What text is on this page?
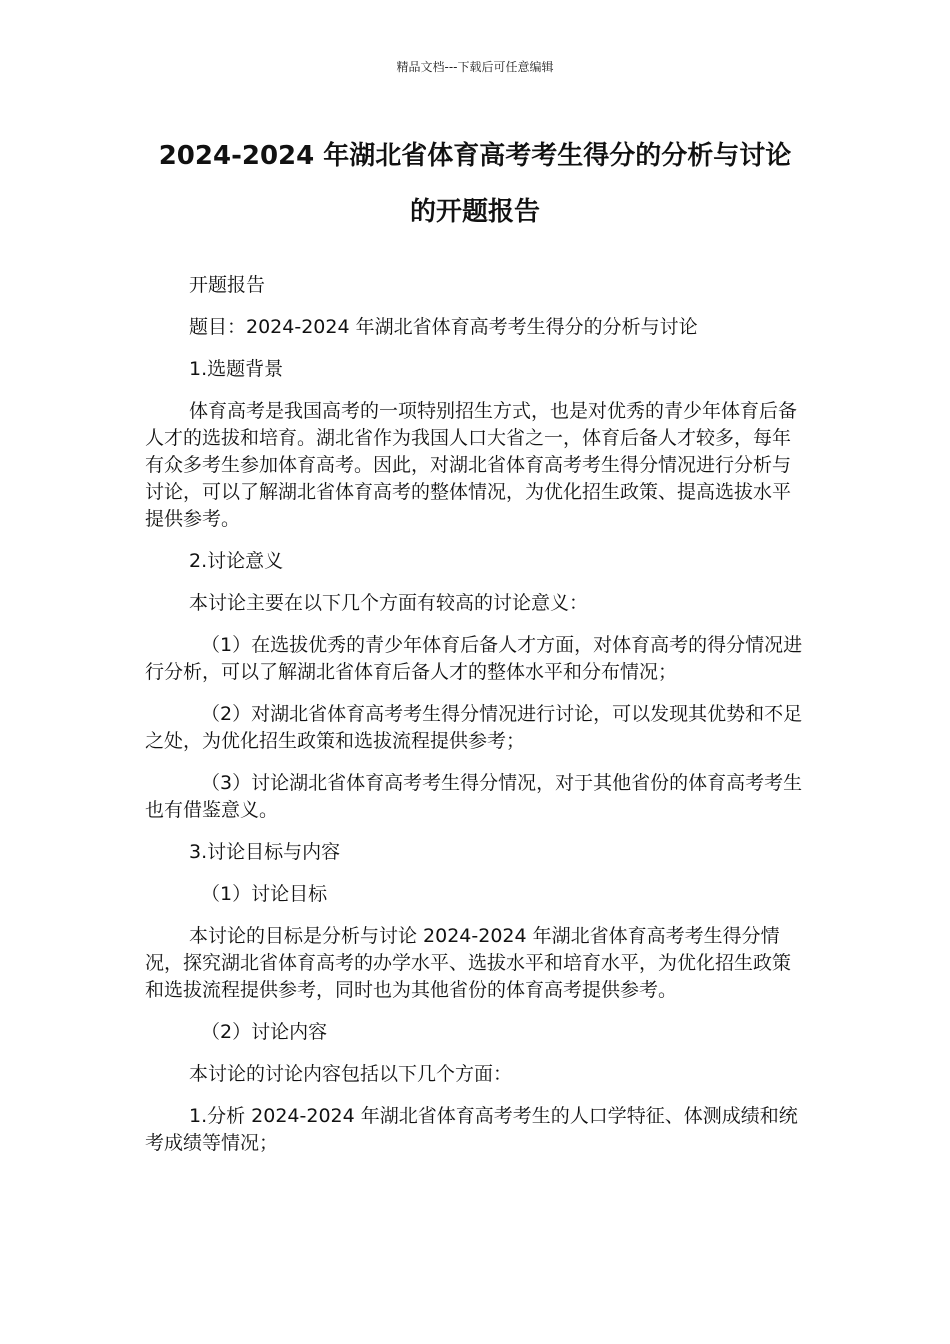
精品文档---下载后可任意编辑
2024-2024 年湖北省体育高考考生得分的分析与讨论
的开题报告

开题报告

题目：2024-2024 年湖北省体育高考考生得分的分析与讨论

1.选题背景

体育高考是我国高考的一项特别招生方式，也是对优秀的青少年体育后备人才的选拔和培育。湖北省作为我国人口大省之一，体育后备人才较多，每年有众多考生参加体育高考。因此，对湖北省体育高考考生得分情况进行分析与讨论，可以了解湖北省体育高考的整体情况，为优化招生政策、提高选拔水平提供参考。

2.讨论意义

本讨论主要在以下几个方面有较高的讨论意义：

（1）在选拔优秀的青少年体育后备人才方面，对体育高考的得分情况进行分析，可以了解湖北省体育后备人才的整体水平和分布情况；

（2）对湖北省体育高考考生得分情况进行讨论，可以发现其优势和不足之处，为优化招生政策和选拔流程提供参考；

（3）讨论湖北省体育高考考生得分情况，对于其他省份的体育高考考生也有借鉴意义。

3.讨论目标与内容

（1）讨论目标

本讨论的目标是分析与讨论 2024-2024 年湖北省体育高考考生得分情况，探究湖北省体育高考的办学水平、选拔水平和培育水平，为优化招生政策和选拔流程提供参考，同时也为其他省份的体育高考提供参考。

（2）讨论内容

本讨论的讨论内容包括以下几个方面：

1.分析 2024-2024 年湖北省体育高考考生的人口学特征、体测成绩和统考成绩等情况；
